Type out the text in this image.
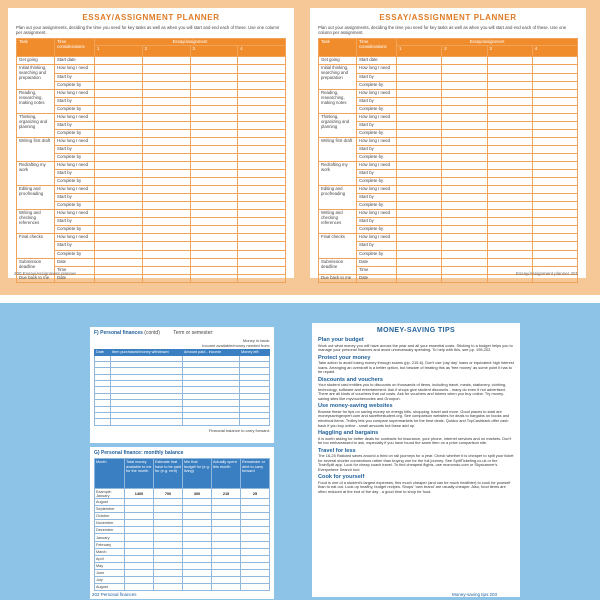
ESSAY/ASSIGNMENT PLANNER
Plan out your assignments, deciding the time you need for key tasks as well as when you will start and end each of these. Use one column per assignment.
Task	Time considerations	Essay/assignment			
		1	2	3	4
Get going	Start date				
Initial thinking, searching and preparation	How long I need				
	Start by				
	Complete by				
Reading, researching, making notes	How long I need				
	Start by				
	Complete by				
Thinking, organizing and planning	How long I need				
	Start by				
	Complete by				
Writing first draft	How long I need				
	Start by				
	Complete by				
Redrafting my work	How long I need				
	Start by				
	Complete by				
Editing and proofreading	How long I need				
	Start by				
	Complete by				
Writing and checking references	How long I need				
	Start by				
	Complete by				
Final checks	How long I need				
	Start by				
	Complete by				
Submission deadline	Date				
	Time				
Due back to me	Date				
200 Essay/Assignment planner
ESSAY/ASSIGNMENT PLANNER
Plan out your assignments, deciding the time you need for key tasks as well as when you will start and end each of these. Use one column per assignment.
Task	Time considerations	Essay/assignment			
		1	2	3	4
Get going	Start date				
Initial thinking, searching and preparation	How long I need				
	Start by				
	Complete by				
Reading, researching, making notes	How long I need				
	Start by				
	Complete by				
Thinking, organizing and planning	How long I need				
	Start by				
	Complete by				
Writing first draft	How long I need				
	Start by				
	Complete by				
Redrafting my work	How long I need				
	Start by				
	Complete by				
Editing and proofreading	How long I need				
	Start by				
	Complete by				
Writing and checking references	How long I need				
	Start by				
	Complete by				
Final checks	How long I need				
	Start by				
	Complete by				
Submission deadline	Date				
	Time				
Due back to me	Date				
Essay/Assignment planner 201
F) Personal finances (contd)	Term or semester:
Money in bank:
Income available/money needed from:
Date	Item purchased/money withdrawn	Amount paid - income	Money left

Financial balance to carry forward:
G) Personal finance: monthly balance
Month	Total money available to me for the month	Estimate that have to be paid for (e.g. rent)	Min that budget for (e.g. living)	Actually spent this month	Remainder or debt to carry forward
Example: January	1400	700	300	215	25
August					
September					
October					
November					
December					
January					
February					
March					
April					
May					
June					
July					
August					
MONEY-SAVING TIPS
Plan your budget

Work out what money you will have across the year and all your essential costs. Sticking to a budget helps you to manage your personal finances and avoid unnecessary spending. To help with this, see pp. 195-202.

Protect your money

Take action to avoid losing money through scams (pp. 215-6). Don't use 'pay day' loans or equivalent high interest loans. Arranging an overdraft is a better option, but beware of treating this as 'free money' as some point it has to be repaid.

Discounts and vouchers

Your student card entitles you to discounts on thousands of items, including travel, meals, stationery, clothing, technology, software and entertainment. Ask if shops give student discounts - many do even if not advertised. There are all kinds of vouchers that cut costs. Ask for vouchers and tokens when you buy online. Try money-saving sites like myvouchercodes and Groupon.

Use money-saving websites

Browse these for tips on saving money on energy bills, shopping, travel and more. Good places to start are moneysavingexpert.com and savethestudent.org. See comparison websites for deals to bargains on books and electrical items. Trolley lets you compare supermarkets for the best deals. Quidco and TopCashback offer cash back if you buy online - small amounts but these add up.

Haggling and bargains

It is worth asking for better deals for contracts for insurance, your phone, internet services and on markets. Don't be too embarrassed to ask, especially if you have found the same item on a price comparison site.

Travel for less

The 16-25 Railcard saves around a third on rail journeys for a year. Check whether it is cheaper to split your ticket for several shorter connections rather than buying one for the full journey. See SplitTicketing.co.uk or the TrainSplit app. Look for cheap coach travel. To find cheapest flights, use momondo.com or Skyscanner's Everywhere Search tool.

Cook for yourself

Food is one of a student's largest expenses, this much cheaper (and can be much healthier) to cook for yourself than to eat out. Look up healthy, budget recipes. Shops' 'own brand' are usually cheaper. Also, food items are often reduced at the end of the day - a good time to shop for food.

202 Personal finances	Money-saving tips 203
